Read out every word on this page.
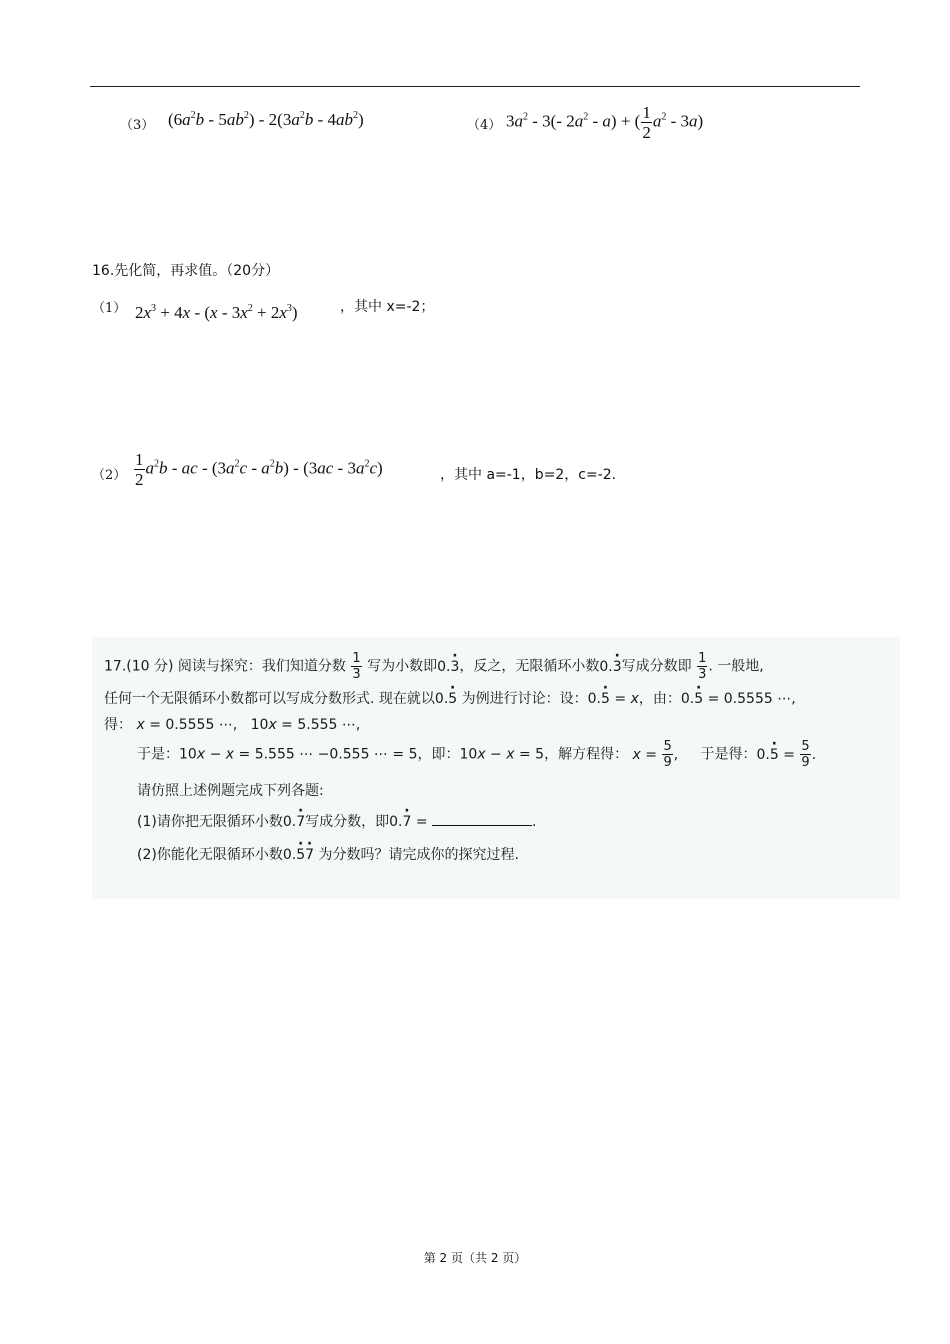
（3） $(6a^2b - 5ab^2) - 2(3a^2b - 4ab^2)$	（4） $3a^2 - 3(-$ $2a^2 - a$) + ( $\frac{1}{2} a^2 - 3a$)
16.先化简，再求值。（20分）
（1） $2x^3 + 4x - (x - 3x^2 + 2x^3)$	，其中 x=-2；
$(2) \frac{1}{2} a^2b$ - ac - $(3a^2c - a^2b) - (3ac - 3a^2c)$	，其中 a=-1，b=2，c=-2.
17.(10 分) 阅读与探究：我们知道分数 $\frac{1}{3}$ 写为小数即0.· 3，反之，无限循环小数0.· 3写成分数即 $\frac{1}{3}$ . 一般地,
任何一个无限循环小数都可以写成分数形式. 现在就以0.· 5 为例进行讨论：设：0.· 5 = x，由：0.· 5 = 0.5555 ⋯,
得： x = 0.5555 ⋯,   10x = 5.555 ⋯,
于是：10x − x = 5.555 ⋯ −0.555 ⋯ = 5，即：10x − x = 5，解方程得： $x = \frac{5}{9}$ , 于是得：$0.\cdot 5 = \frac{5}{9}$ .
请仿照上述例题完成下列各题:
(1)请你把无限循环小数0.· 7写成分数，即0.· 7 =	.
(2)你能化无限循环小数0.· 5· 7 为分数吗？请完成你的探究过程.
第 2 页（共 2 页）
